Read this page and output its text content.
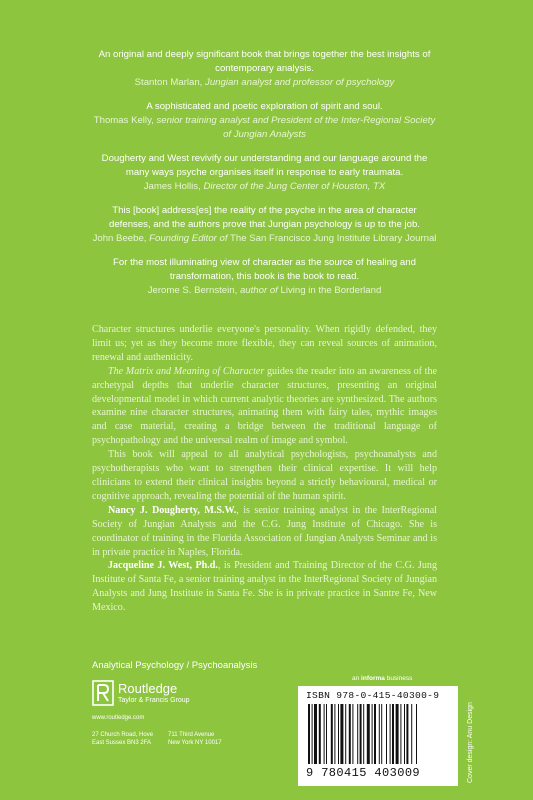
An original and deeply significant book that brings together the best insights of contemporary analysis.
Stanton Marlan, Jungian analyst and professor of psychology
A sophisticated and poetic exploration of spirit and soul.
Thomas Kelly, senior training analyst and President of the Inter-Regional Society of Jungian Analysts
Dougherty and West revivify our understanding and our language around the many ways psyche organises itself in response to early traumata.
James Hollis, Director of the Jung Center of Houston, TX
This [book] address[es] the reality of the psyche in the area of character defenses, and the authors prove that Jungian psychology is up to the job.
John Beebe, Founding Editor of The San Francisco Jung Institute Library Journal
For the most illuminating view of character as the source of healing and transformation, this book is the book to read.
Jerome S. Bernstein, author of Living in the Borderland

Character structures underlie everyone's personality. When rigidly defended, they limit us; yet as they become more flexible, they can reveal sources of animation, renewal and authenticity.

The Matrix and Meaning of Character guides the reader into an awareness of the archetypal depths that underlie character structures, presenting an original developmental model in which current analytic theories are synthesized. The authors examine nine character structures, animating them with fairy tales, mythic images and case material, creating a bridge between the traditional language of psychopathology and the universal realm of image and symbol.

This book will appeal to all analytical psychologists, psychoanalysts and psychotherapists who want to strengthen their clinical expertise. It will help clinicians to extend their clinical insights beyond a strictly behavioural, medical or cognitive approach, revealing the potential of the human spirit.

Nancy J. Dougherty, M.S.W., is senior training analyst in the InterRegional Society of Jungian Analysts and the C.G. Jung Institute of Chicago. She is coordinator of training in the Florida Association of Jungian Analysts Seminar and is in private practice in Naples, Florida.

Jacqueline J. West, Ph.d., is President and Training Director of the C.G. Jung Institute of Santa Fe, a senior training analyst in the InterRegional Society of Jungian Analysts and Jung Institute in Santa Fe. She is in private practice in Santre Fe, New Mexico.

Analytical Psychology / Psychoanalysis
Routledge
Taylor & Francis Group
www.routledge.com
27 Church Road, Hove
East Sussex BN3 2FA
711 Third Avenue
New York NY 10017
an informa business
ISBN 978-0-415-40300-9
9 780415 403009	Cover design: Anu Design
